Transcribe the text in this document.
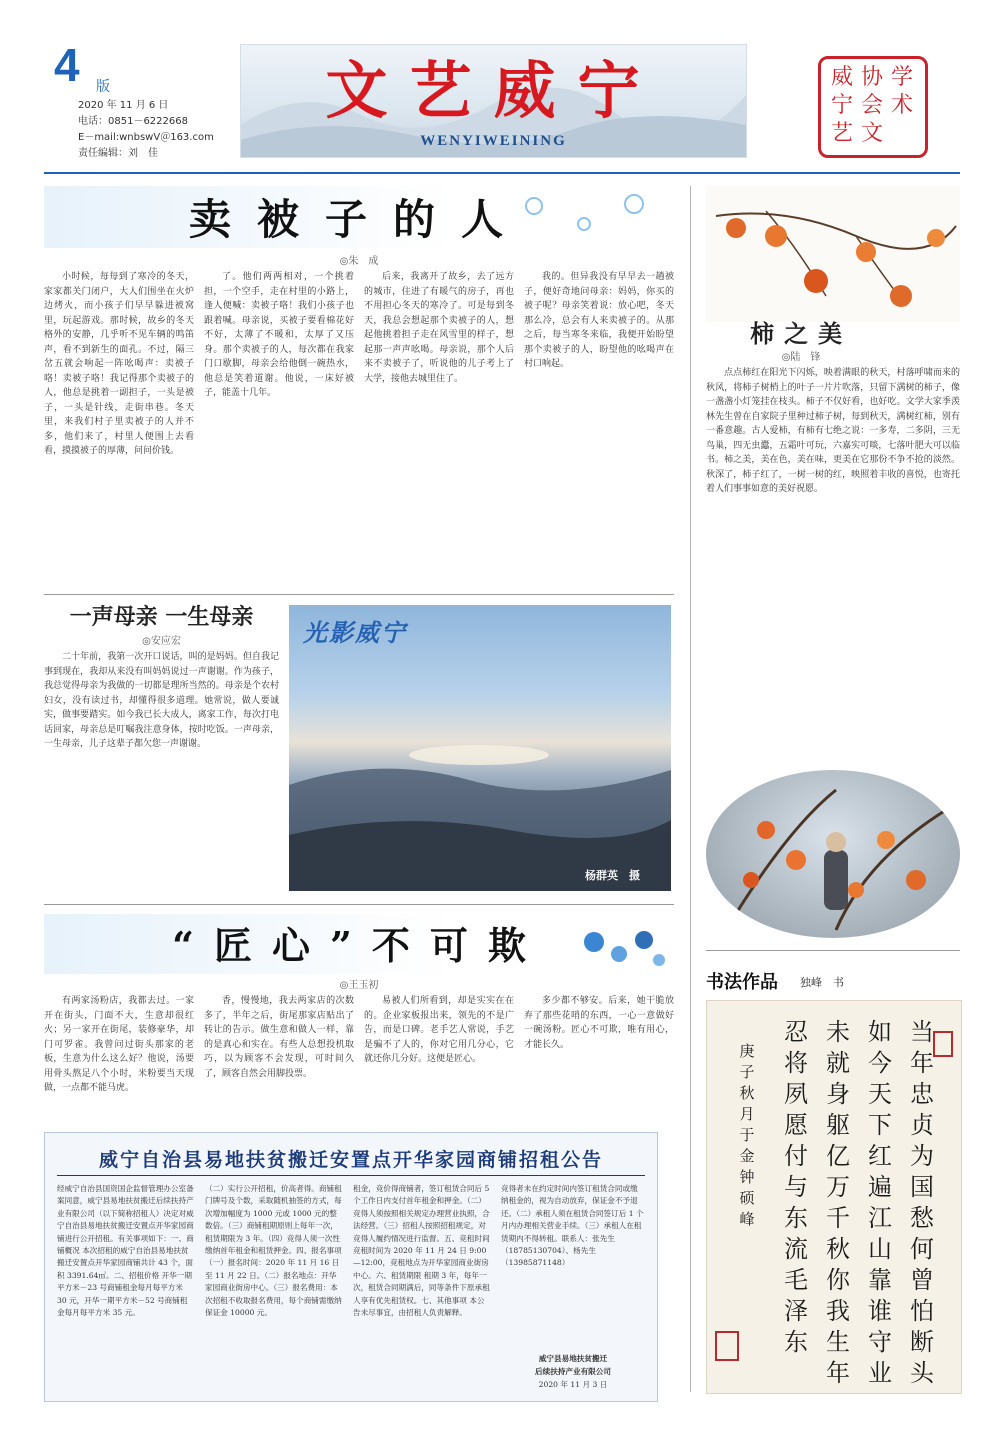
4 版
2020 年 11 月 6 日
电话：0851－6222668
E－mail:wnbswV＠163.com
责任编辑：刘　佳
文艺威宁
WENYIWEINING
学
术
协
会
威
宁
文
艺
卖被子的人
◎朱　成

小时候，每每到了寒冷的冬天，家家都关门闭户，大人们围坐在火炉边烤火，而小孩子们早早躲进被窝里，玩起游戏。那时候，故乡的冬天格外的安静，几乎听不见车辆的鸣笛声，看不到新生的面孔。不过，隔三岔五就会响起一阵吆喝声：卖被子咯！卖被子咯！我记得那个卖被子的人，他总是挑着一副担子，一头是被子，一头是针线，走街串巷。冬天里，来我们村子里卖被子的人并不多，他们来了，村里人便围上去看看，摸摸被子的厚薄，问问价钱。

了。他们两两相对，一个挑着担，一个空手，走在村里的小路上，逢人便喊：卖被子咯！我们小孩子也跟着喊。母亲说，买被子要看棉花好不好，太薄了不暖和，太厚了又压身。那个卖被子的人，每次都在我家门口歇脚，母亲会给他倒一碗热水，他总是笑着道谢。他说，一床好被子，能盖十几年。

后来，我离开了故乡，去了远方的城市，住进了有暖气的房子，再也不用担心冬天的寒冷了。可是每到冬天，我总会想起那个卖被子的人，想起他挑着担子走在风雪里的样子，想起那一声声吆喝。母亲说，那个人后来不卖被子了，听说他的儿子考上了大学，接他去城里住了。

我的。但异我没有早早去一趟被子，便好奇地问母亲：妈妈，你买的被子呢？母亲笑着说：放心吧，冬天那么冷，总会有人来卖被子的。从那之后，每当寒冬来临，我便开始盼望那个卖被子的人，盼望他的吆喝声在村口响起。

一声母亲 一生母亲
◎安应宏

二十年前，我第一次开口说话，叫的是妈妈。但自我记事到现在，我却从来没有叫妈妈说过一声谢谢。作为孩子，我总觉得母亲为我做的一切都是理所当然的。母亲是个农村妇女，没有读过书，却懂得很多道理。她常说，做人要诚实，做事要踏实。如今我已长大成人，离家工作，每次打电话回家，母亲总是叮嘱我注意身体，按时吃饭。一声母亲，一生母亲，儿子这辈子都欠您一声谢谢。

光影威宁
杨群英　摄
“匠心”不可欺
◎王玉初

有两家汤粉店，我都去过。一家开在街头，门面不大，生意却很红火；另一家开在街尾，装修豪华，却门可罗雀。我曾问过街头那家的老板，生意为什么这么好？他说，汤要用骨头熬足八个小时，米粉要当天现做，一点都不能马虎。

香，慢慢地，我去两家店的次数多了，半年之后，街尾那家店贴出了转让的告示。做生意和做人一样，靠的是真心和实在。有些人总想投机取巧，以为顾客不会发现，可时间久了，顾客自然会用脚投票。

易被人们所看到，却是实实在在的。企业家板报出来，领先的不是广告，而是口碑。老手艺人常说，手艺是骗不了人的，你对它用几分心，它就还你几分好。这便是匠心。

多少都不够安。后来，她干脆放弃了那些花哨的东西，一心一意做好一碗汤粉。匠心不可欺，唯有用心，才能长久。

威宁自治县易地扶贫搬迁安置点开华家园商铺招租公告

经威宁自治县国资国企监督管理办公室备案同意，威宁县易地扶贫搬迁后续扶持产业有限公司（以下简称招租人）决定对威宁自治县易地扶贫搬迁安置点开华家园商铺进行公开招租。有关事项如下：一、商铺概况 本次招租的威宁自治县易地扶贫搬迁安置点开华家园商铺共计 43 个，面积 3391.64㎡。二、招租价格 开华一期平方米－23 号商铺租金每月每平方米 30 元，开华一期平方米－52 号商铺租金每月每平方米 35 元。

（二）实行公开招租，价高者得。商铺租门牌号及个数，采取随机抽签的方式，每次增加幅度为 1000 元或 1000 元的整数倍。（三）商铺租期原则上每年一次，租赁期限为 3 年。（四）竞得人须一次性缴纳首年租金和租赁押金。四、报名事项（一）报名时间：2020 年 11 月 16 日至 11 月 22 日。（二）报名地点：开华家园商业街房中心。（三）报名费用：本次招租不收取报名费用，每个商铺需缴纳保证金 10000 元。

租金，竞价得商铺者，签订租赁合同后 5 个工作日内支付首年租金和押金。（二）竞得人须按照相关规定办理营业执照，合法经营。（三）招租人按照招租规定，对竞得人履约情况进行监督。五、竞租时间 竞租时间为 2020 年 11 月 24 日 9:00—12:00，竞租地点为开华家园商业街房中心。六、租赁期限 租期 3 年，每年一次，租赁合同期满后，同等条件下原承租人享有优先租赁权。七、其他事项 本公告未尽事宜，由招租人负责解释。

竞得者未在约定时间内签订租赁合同或缴纳租金的，视为自动放弃，保证金不予退还。（二）承租人须在租赁合同签订后 1 个月内办理相关营业手续。（三）承租人在租赁期内不得转租。联系人：张先生（18785130704）、杨先生（13985871148）

威宁县易地扶贫搬迁
后续扶持产业有限公司
2020 年 11 月 3 日
柿之美
◎陆　锋

点点柿红在阳光下闪烁，映着满眼的秋天，村落呼啸而来的秋风，将柿子树梢上的叶子一片片吹落，只留下满树的柿子，像一盏盏小灯笼挂在枝头。柿子不仅好看，也好吃。文学大家季羡林先生曾在自家院子里种过柿子树，每到秋天，满树红柿，别有一番意趣。古人爱柿，有柿有七绝之说：一多寿，二多阴，三无鸟巢，四无虫蠹，五霜叶可玩，六嘉实可啖，七落叶肥大可以临书。柿之美，美在色，美在味，更美在它那份不争不抢的淡然。秋深了，柿子红了，一树一树的红，映照着丰收的喜悦，也寄托着人们事事如意的美好祝愿。

书法作品 独峰　书
当年忠贞为国愁何曾怕断头
如今天下红遍江山靠谁守业
未就身躯亿万千秋你我生年
忍将夙愿付与东流　毛泽东
庚子秋月于金钟硕峰
